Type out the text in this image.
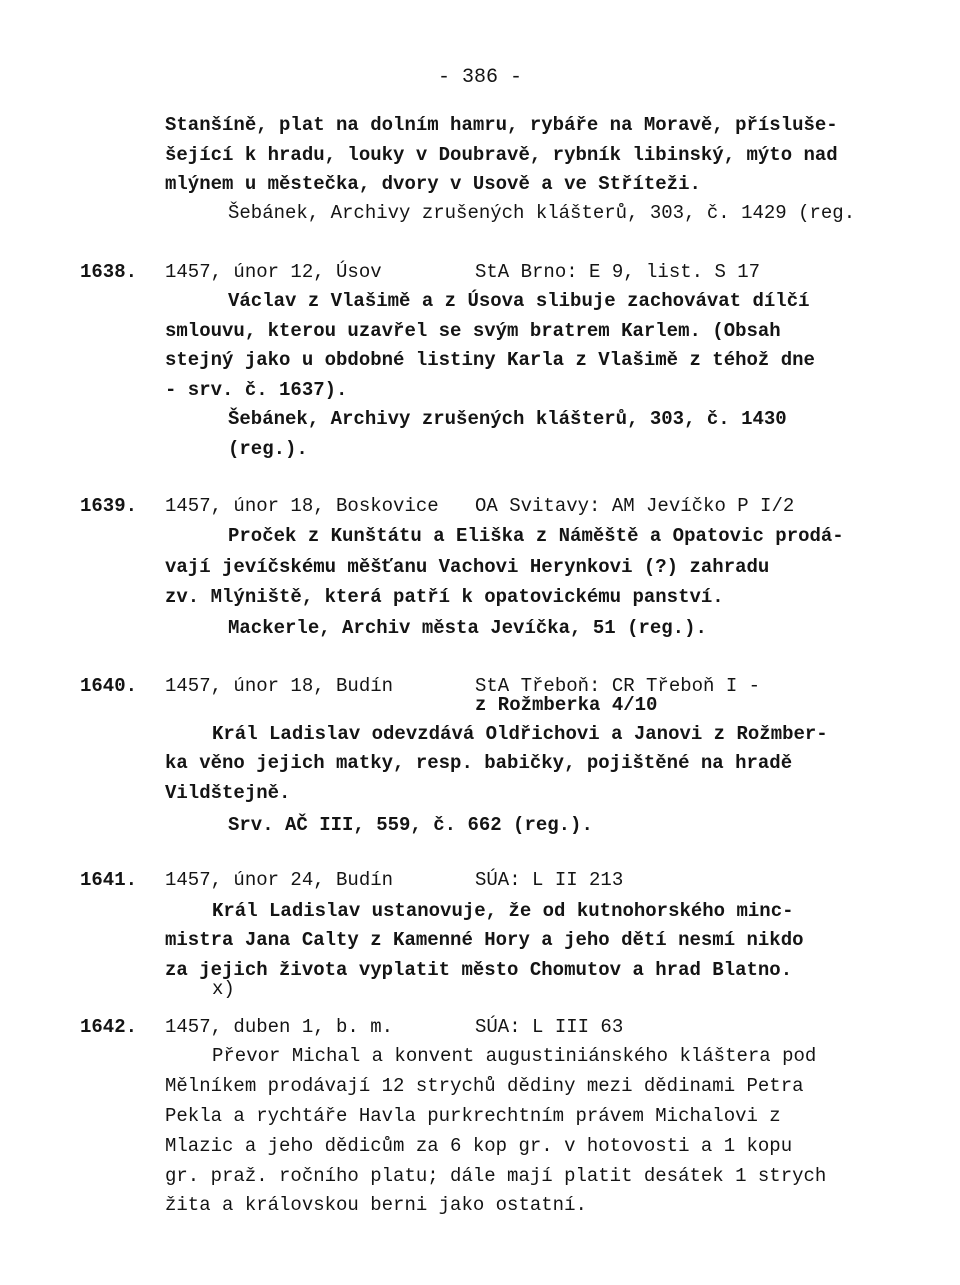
- 386 -
Stanšíně, plat na dolním hamru, rybáře na Moravě, přísluše-
šející k hradu, louky v Doubravě, rybník libinský, mýto nad
mlýnem u městečka, dvory v Usově a ve Stříteži.
Šebánek, Archivy zrušených klášterů, 303, č. 1429 (reg.
1638. 1457, únor 12, Úsov	StA Brno: E 9, list. S 17
Václav z Vlašimě a z Úsova slibuje zachovávat dílčí
smlouvu, kterou uzavřel se svým bratrem Karlem. (Obsah
stejný jako u obdobné listiny Karla z Vlašimě z téhož dne
- srv. č. 1637).
Šebánek, Archivy zrušených klášterů, 303, č. 1430
(reg.).
1639. 1457, únor 18, Boskovice OA Svitavy: AM Jevíčko P I/2
Proček z Kunštátu a Eliška z Náměště a Opatovic prodá-
vají jevíčskému měšťanu Vachovi Herynkovi (?) zahradu
zv. Mlýniště, která patří k opatovickému panství.
Mackerle, Archiv města Jevíčka, 51 (reg.).
1640. 1457, únor 18, Budín	StA Třeboň: CR Třeboň I -
z Rožmberka 4/10
Král Ladislav odevzdává Oldřichovi a Janovi z Rožmber-
ka věno jejich matky, resp. babičky, pojištěné na hradě
Vildštejně.
Srv. AČ III, 559, č. 662 (reg.).
1641. 1457, únor 24, Budín	SÚA: L II 213
Král Ladislav ustanovuje, že od kutnohorského minc-
mistra Jana Calty z Kamenné Hory a jeho dětí nesmí nikdo
za jejich života vyplatit město Chomutov a hrad Blatno.
x)
1642. 1457, duben 1, b. m.	SÚA: L III 63
Převor Michal a konvent augustiniánského kláštera pod
Mělníkem prodávají 12 strychů dědiny mezi dědinami Petra
Pekla a rychtáře Havla purkrechtním právem Michalovi z
Mlazic a jeho dědicům za 6 kop gr. v hotovosti a 1 kopu
gr. praž. ročního platu; dále mají platit desátek 1 strych
žita a královskou berni jako ostatní.
